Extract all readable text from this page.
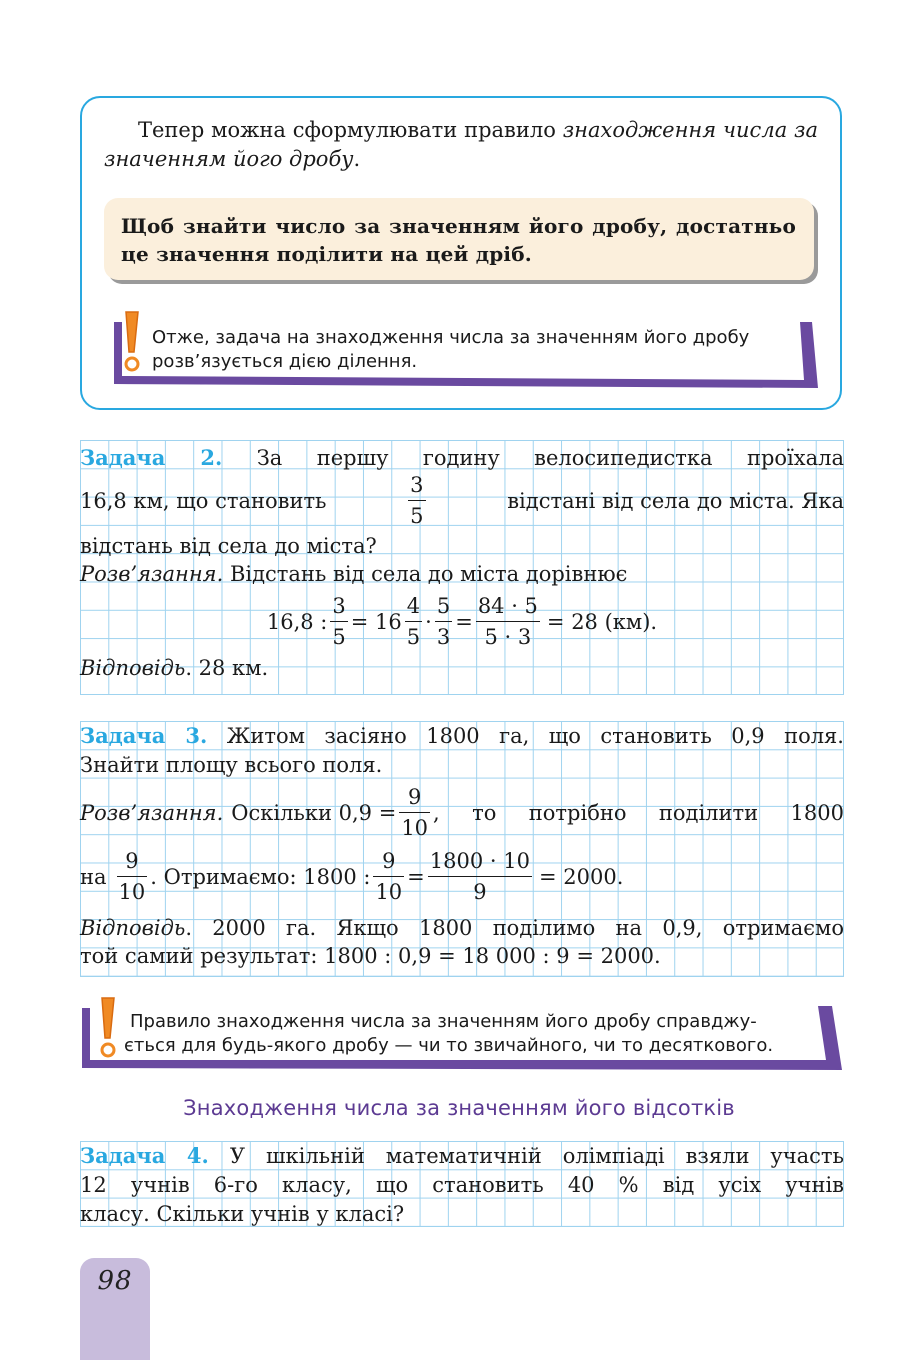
Тепер можна сформулювати правило знаходження числа за значенням його дробу.
Щоб знайти число за значенням його дробу, достатньо це значення поділити на цей дріб.
Отже, задача на знаходження числа за значенням його дробу
розв’язується дією ділення.
Задача 2. За першу годину велосипедистка проїхала
16,8 км, що становить	$\frac{3}{5}$	відстані від села до міста. Яка
відстань від села до міста?
Розв’язання. Відстань від села до міста дорівнює
16,8 : $\frac{3}{5} = 16 \frac{4}{5} \cdot \frac{5}{3} = \frac{84 \cdot 5}{5 \cdot 3} = 28$ (км).
Відповідь. 28 км.
Задача 3. Житом засіяно 1800 га, що становить 0,9 поля.
Знайти площу всього поля.
Розв’язання. Оскільки $0,9 = \frac{9}{10}$ , то потрібно поділити 1800
на $\frac{9}{10}$ . Отримаємо: 1800 : $\frac{9}{10} = \frac{1800 \cdot 10}{9} = 2000$.
Відповідь. 2000 га. Якщо 1800 поділимо на 0,9, отримаємо
той самий результат: 1800 : 0,9 = 18 000 : 9 = 2000.
Правило знаходження числа за значенням його дробу справджу-
ється для будь-якого дробу — чи то звичайного, чи то десяткового.
Знаходження числа за значенням його відсотків
Задача 4. У шкільній математичній олімпіаді взяли участь
12 учнів 6-го класу, що становить 40 % від усіх учнів
класу. Скільки учнів у класі?
98
